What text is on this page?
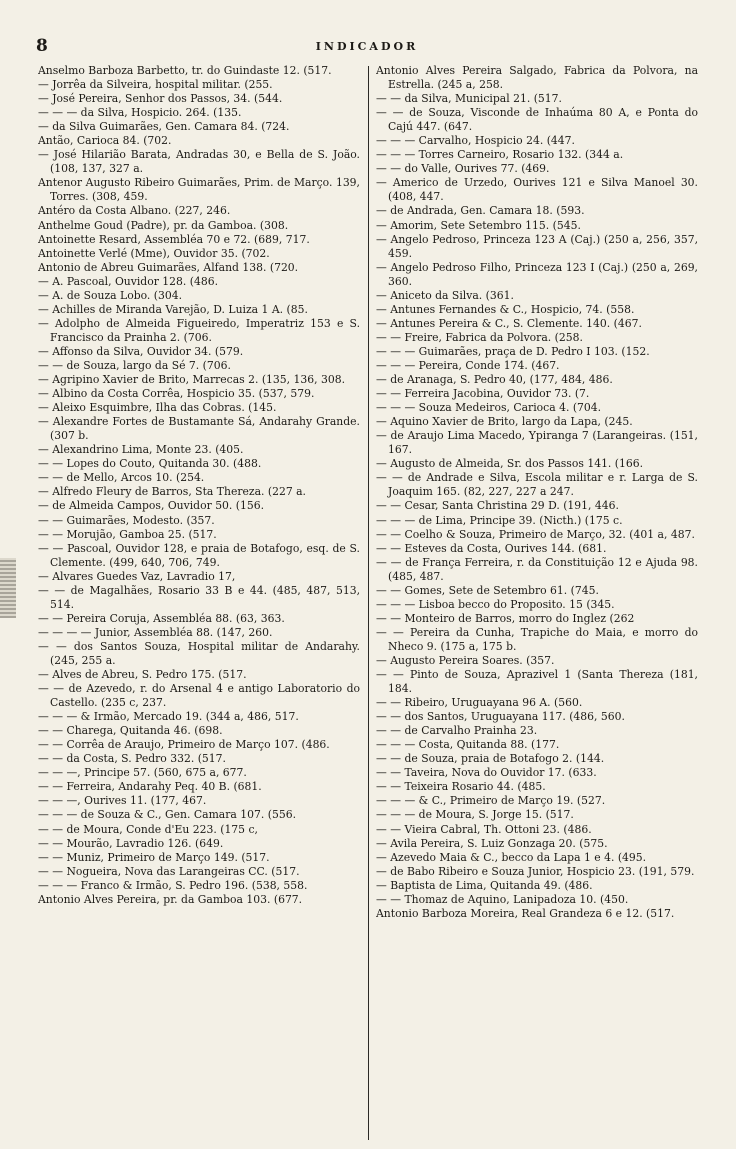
8	INDICADOR

Anselmo Barboza Barbetto, tr. do Guindaste 12. (517.

— Jorrêa da Silveira, hospital militar. (255.

— José Pereira, Senhor dos Passos, 34. (544.

— — — da Silva, Hospicio. 264. (135.

— da Silva Guimarães, Gen. Camara 84. (724.

Antão, Carioca 84. (702.

— José Hilarião Barata, Andradas 30, e Bella de S. João. (108, 137, 327 a.

Antenor Augusto Ribeiro Guimarães, Prim. de Março. 139, Torres. (308, 459.

Antéro da Costa Albano. (227, 246.

Anthelme Goud (Padre), pr. da Gamboa. (308.

Antoinette Resard, Assembléa 70 e 72. (689, 717.

Antoinette Verlé (Mme), Ouvidor 35. (702.

Antonio de Abreu Guimarães, Alfand 138. (720.

— A. Pascoal, Ouvidor 128. (486.

— A. de Souza Lobo. (304.

— Achilles de Miranda Varejão, D. Luiza 1 A. (85.

— Adolpho de Almeida Figueiredo, Imperatriz 153 e S. Francisco da Prainha 2. (706.

— Affonso da Silva, Ouvidor 34. (579.

— — de Souza, largo da Sé 7. (706.

— Agripino Xavier de Brito, Marrecas 2. (135, 136, 308.

— Albino da Costa Corrêa, Hospicio 35. (537, 579.

— Aleixo Esquimbre, Ilha das Cobras. (145.

— Alexandre Fortes de Bustamante Sá, Andarahy Grande. (307 b.

— Alexandrino Lima, Monte 23. (405.

— — Lopes do Couto, Quitanda 30. (488.

— — de Mello, Arcos 10. (254.

— Alfredo Fleury de Barros, Sta Thereza. (227 a.

— de Almeida Campos, Ouvidor 50. (156.

— — Guimarães, Modesto. (357.

— — Morujão, Gamboa 25. (517.

— — Pascoal, Ouvidor 128, e praia de Botafogo, esq. de S. Clemente. (499, 640, 706, 749.

— Alvares Guedes Vaz, Lavradio 17,

— — de Magalhães, Rosario 33 B e 44. (485, 487, 513, 514.

— — Pereira Coruja, Assembléa 88. (63, 363.

— — — — Junior, Assembléa 88. (147, 260.

— — dos Santos Souza, Hospital militar de Andarahy. (245, 255 a.

— Alves de Abreu, S. Pedro 175. (517.

— — de Azevedo, r. do Arsenal 4 e antigo Laboratorio do Castello. (235 c, 237.

— — — & Irmão, Mercado 19. (344 a, 486, 517.

— — Charega, Quitanda 46. (698.

— — Corrêa de Araujo, Primeiro de Março 107. (486.

— — da Costa, S. Pedro 332. (517.

— — —, Principe 57. (560, 675 a, 677.

— — Ferreira, Andarahy Peq. 40 B. (681.

— — —, Ourives 11. (177, 467.

— — — de Souza & C., Gen. Camara 107. (556.

— — de Moura, Conde d'Eu 223. (175 c,

— — Mourão, Lavradio 126. (649.

— — Muniz, Primeiro de Março 149. (517.

— — Nogueira, Nova das Larangeiras CC. (517.

— — — Franco & Irmão, S. Pedro 196. (538, 558.

Antonio Alves Pereira, pr. da Gamboa 103. (677.

Antonio Alves Pereira Salgado, Fabrica da Polvora, na Estrella. (245 a, 258.

— — da Silva, Municipal 21. (517.

— — de Souza, Visconde de Inhaúma 80 A, e Ponta do Cajú 447. (647.

— — — Carvalho, Hospicio 24. (447.

— — — Torres Carneiro, Rosario 132. (344 a.

— — do Valle, Ourives 77. (469.

— Americo de Urzedo, Ourives 121 e Silva Manoel 30. (408, 447.

— de Andrada, Gen. Camara 18. (593.

— Amorim, Sete Setembro 115. (545.

— Angelo Pedroso, Princeza 123 A (Caj.) (250 a, 256, 357, 459.

— Angelo Pedroso Filho, Princeza 123 I (Caj.) (250 a, 269, 360.

— Aniceto da Silva. (361.

— Antunes Fernandes & C., Hospicio, 74. (558.

— Antunes Pereira & C., S. Clemente. 140. (467.

— — Freire, Fabrica da Polvora. (258.

— — — Guimarães, praça de D. Pedro I 103. (152.

— — — Pereira, Conde 174. (467.

— de Aranaga, S. Pedro 40, (177, 484, 486.

— — Ferreira Jacobina, Ouvidor 73. (7.

— — — Souza Medeiros, Carioca 4. (704.

— Aquino Xavier de Brito, largo da Lapa, (245.

— de Araujo Lima Macedo, Ypiranga 7 (Larangeiras. (151, 167.

— Augusto de Almeida, Sr. dos Passos 141. (166.

— — de Andrade e Silva, Escola militar e r. Larga de S. Joaquim 165. (82, 227, 227 a 247.

— — Cesar, Santa Christina 29 D. (191, 446.

— — — de Lima, Principe 39. (Nicth.) (175 c.

— — Coelho & Souza, Primeiro de Março, 32. (401 a, 487.

— — Esteves da Costa, Ourives 144. (681.

— — de França Ferreira, r. da Constituição 12 e Ajuda 98. (485, 487.

— — Gomes, Sete de Setembro 61. (745.

— — — Lisboa becco do Proposito. 15 (345.

— — Monteiro de Barros, morro do Inglez (262

— — Pereira da Cunha, Trapiche do Maia, e morro do Nheco 9. (175 a, 175 b.

— Augusto Pereira Soares. (357.

— — Pinto de Souza, Aprazivel 1 (Santa Thereza (181, 184.

— — Ribeiro, Uruguayana 96 A. (560.

— — dos Santos, Uruguayana 117. (486, 560.

— — de Carvalho Prainha 23.

— — — Costa, Quitanda 88. (177.

— — de Souza, praia de Botafogo 2. (144.

— — Taveira, Nova do Ouvidor 17. (633.

— — Teixeira Rosario 44. (485.

— — — & C., Primeiro de Março 19. (527.

— — — de Moura, S. Jorge 15. (517.

— — Vieira Cabral, Th. Ottoni 23. (486.

— Avila Pereira, S. Luiz Gonzaga 20. (575.

— Azevedo Maia & C., becco da Lapa 1 e 4. (495.

— de Babo Ribeiro e Souza Junior, Hospicio 23. (191, 579.

— Baptista de Lima, Quitanda 49. (486.

— — Thomaz de Aquino, Lanipadoza 10. (450.

Antonio Barboza Moreira, Real Grandeza 6 e 12. (517.
